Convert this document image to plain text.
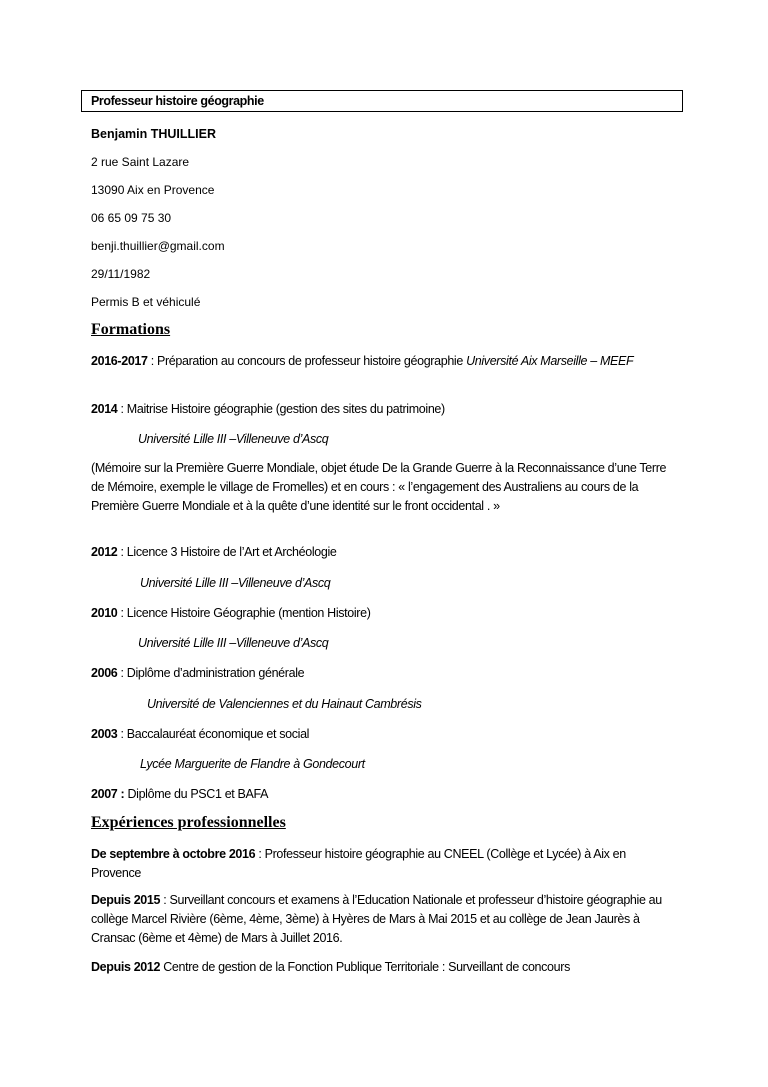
Professeur histoire géographie
Benjamin THUILLIER
2 rue Saint Lazare
13090 Aix en Provence
06 65 09 75 30
benji.thuillier@gmail.com
29/11/1982
Permis B et véhiculé
Formations
2016-2017 : Préparation au concours de professeur histoire géographie Université Aix Marseille – MEEF
2014 : Maitrise Histoire géographie (gestion des sites du patrimoine)
Université Lille III –Villeneuve d’Ascq
(Mémoire sur la Première Guerre Mondiale, objet étude De la Grande Guerre à la Reconnaissance d’une Terre de Mémoire, exemple le village de Fromelles) et en cours : « l’engagement des Australiens au cours de la Première Guerre Mondiale et à la quête d’une identité sur le front occidental . »
2012 : Licence 3 Histoire de l’Art et Archéologie
Université Lille III –Villeneuve d’Ascq
2010 : Licence Histoire Géographie (mention Histoire)
Université Lille III –Villeneuve d’Ascq
2006 : Diplôme d’administration générale
Université de Valenciennes et du Hainaut Cambrésis
2003 : Baccalauréat économique et social
Lycée Marguerite de Flandre à Gondecourt
2007 : Diplôme du PSC1 et BAFA
Expériences professionnelles
De septembre à octobre 2016 : Professeur histoire géographie au CNEEL (Collège et Lycée) à Aix en Provence
Depuis 2015 : Surveillant concours et examens à l’Education Nationale et professeur d’histoire géographie au collège Marcel Rivière (6ème, 4ème, 3ème) à Hyères de Mars à Mai 2015 et au collège de Jean Jaurès à Cransac (6ème et 4ème) de Mars à Juillet 2016.
Depuis 2012 Centre de gestion de la Fonction Publique Territoriale : Surveillant de concours
